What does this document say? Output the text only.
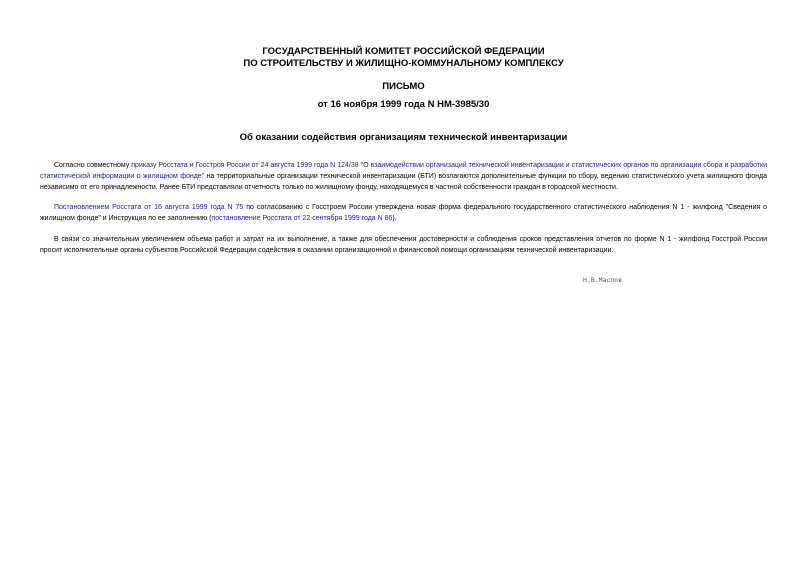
ГОСУДАРСТВЕННЫЙ КОМИТЕТ РОССИЙСКОЙ ФЕДЕРАЦИИ
ПО СТРОИТЕЛЬСТВУ И ЖИЛИЩНО-КОММУНАЛЬНОМУ КОМПЛЕКСУ
ПИСЬМО
от 16 ноября 1999 года N НМ-3985/30
Об оказании содействия организациям технической инвентаризации

Согласно совместному приказу Росстата и Госстроя России от 24 августа 1999 года N 124/38 "О взаимодействии организаций технической инвентаризации и статистических органов по организации сбора и разработки статистической информации о жилищном фонде" на территориальные организации технической инвентаризации (БТИ) возлагаются дополнительные функции по сбору, ведению статистического учета жилищного фонда независимо от его принадлежности. Ранее БТИ представляли отчетность только по жилищному фонду, находящемуся в частной собственности граждан в городской местности.

Постановлением Росстата от 16 августа 1999 года N 75 по согласованию с Госстроем России утверждена новая форма федерального государственного статистического наблюдения N 1 - жилфонд "Сведения о жилищном фонде" и Инструкция по ее заполнению (постановление Росстата от 22 сентября 1999 года N 86).

В связи со значительным увеличением объема работ и затрат на их выполнение, а также для обеспечения достоверности и соблюдения сроков представления отчетов по форме N 1 - жилфонд Госстрой России просит исполнительные органы субъектов Российской Федерации содействия в оказании организационной и финансовой помощи организациям технической инвентаризации.

Н.В.Маслов
